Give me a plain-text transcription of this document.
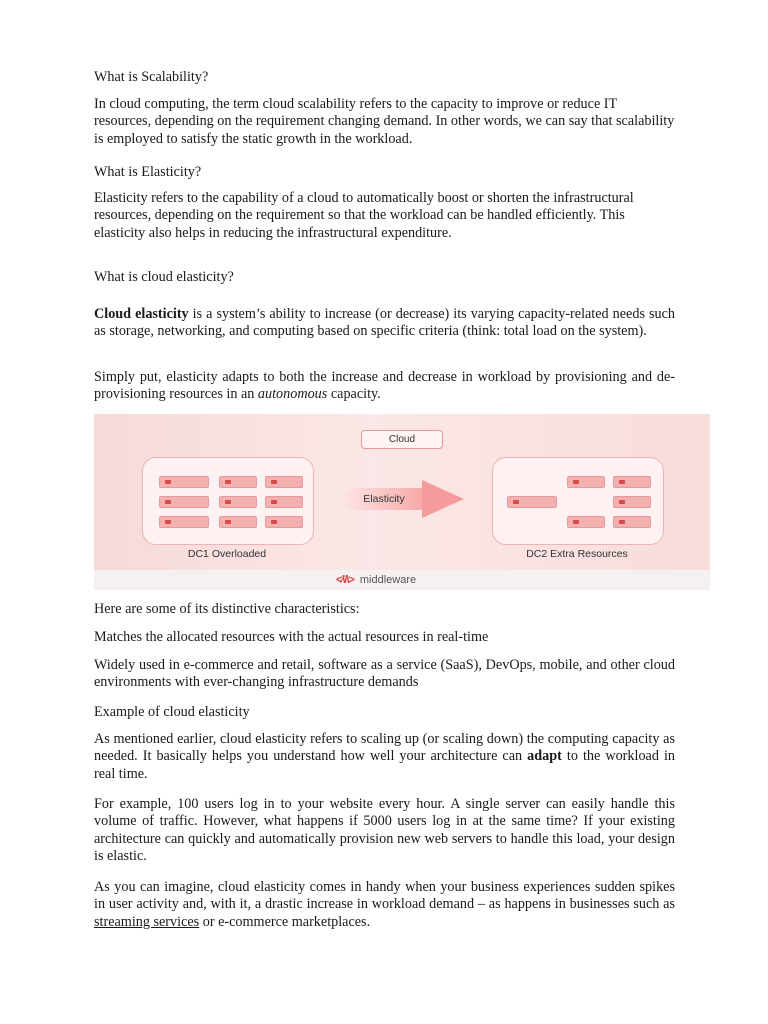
What is Scalability?

In cloud computing, the term cloud scalability refers to the capacity to improve or reduce IT resources, depending on the requirement changing demand. In other words, we can say that scalability is employed to satisfy the static growth in the workload.

What is Elasticity?

Elasticity refers to the capability of a cloud to automatically boost or shorten the infrastructural resources, depending on the requirement so that the workload can be handled efficiently. This elasticity also helps in reducing the infrastructural expenditure.

What is cloud elasticity?

Cloud elasticity is a system’s ability to increase (or decrease) its varying capacity-related needs such as storage, networking, and computing based on specific criteria (think: total load on the system).

Simply put, elasticity adapts to both the increase and decrease in workload by provisioning and de-provisioning resources in an autonomous capacity.

Here are some of its distinctive characteristics:

Matches the allocated resources with the actual resources in real-time

Widely used in e-commerce and retail, software as a service (SaaS), DevOps, mobile, and other cloud environments with ever-changing infrastructure demands

Example of cloud elasticity

As mentioned earlier, cloud elasticity refers to scaling up (or scaling down) the computing capacity as needed. It basically helps you understand how well your architecture can adapt to the workload in real time.

For example, 100 users log in to your website every hour. A single server can easily handle this volume of traffic. However, what happens if 5000 users log in at the same time? If your existing architecture can quickly and automatically provision new web servers to handle this load, your design is elastic.

As you can imagine, cloud elasticity comes in handy when your business experiences sudden spikes in user activity and, with it, a drastic increase in workload demand – as happens in businesses such as streaming services or e-commerce marketplaces.

Cloud
DC1 Overloaded
Elasticity
DC2 Extra Resources
<⁄\/\> middleware
